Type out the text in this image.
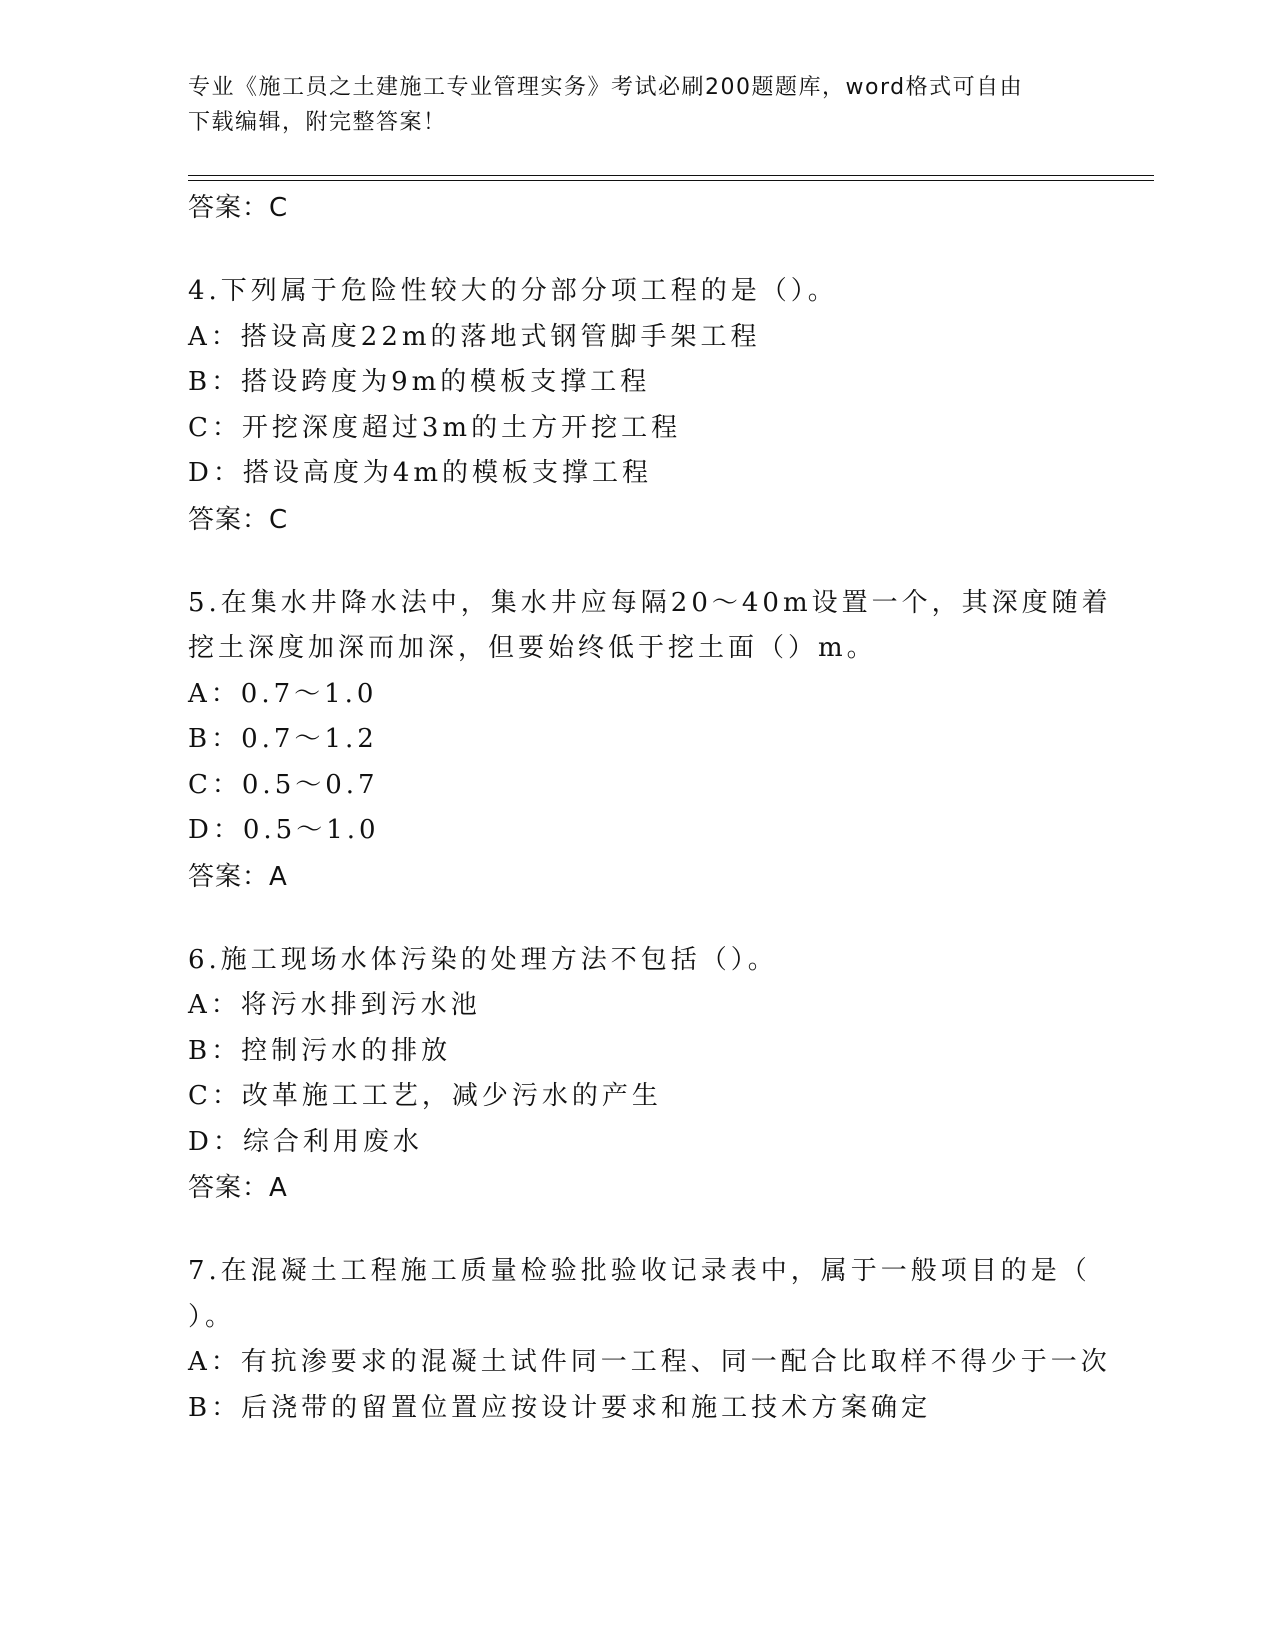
专业《施工员之土建施工专业管理实务》考试必刷200题题库，word格式可自由
下载编辑，附完整答案！
答案：C
4.下列属于危险性较大的分部分项工程的是（）。
A：搭设高度22m的落地式钢管脚手架工程
B：搭设跨度为9m的模板支撑工程
C：开挖深度超过3m的土方开挖工程
D：搭设高度为4m的模板支撑工程
答案：C
5.在集水井降水法中，集水井应每隔20～40m设置一个，其深度随着
挖土深度加深而加深，但要始终低于挖土面（）m。
A：0.7～1.0
B：0.7～1.2
C：0.5～0.7
D：0.5～1.0
答案：A
6.施工现场水体污染的处理方法不包括（）。
A：将污水排到污水池
B：控制污水的排放
C：改革施工工艺，减少污水的产生
D：综合利用废水
答案：A
7.在混凝土工程施工质量检验批验收记录表中，属于一般项目的是（
）。
A：有抗渗要求的混凝土试件同一工程、同一配合比取样不得少于一次
B：后浇带的留置位置应按设计要求和施工技术方案确定
